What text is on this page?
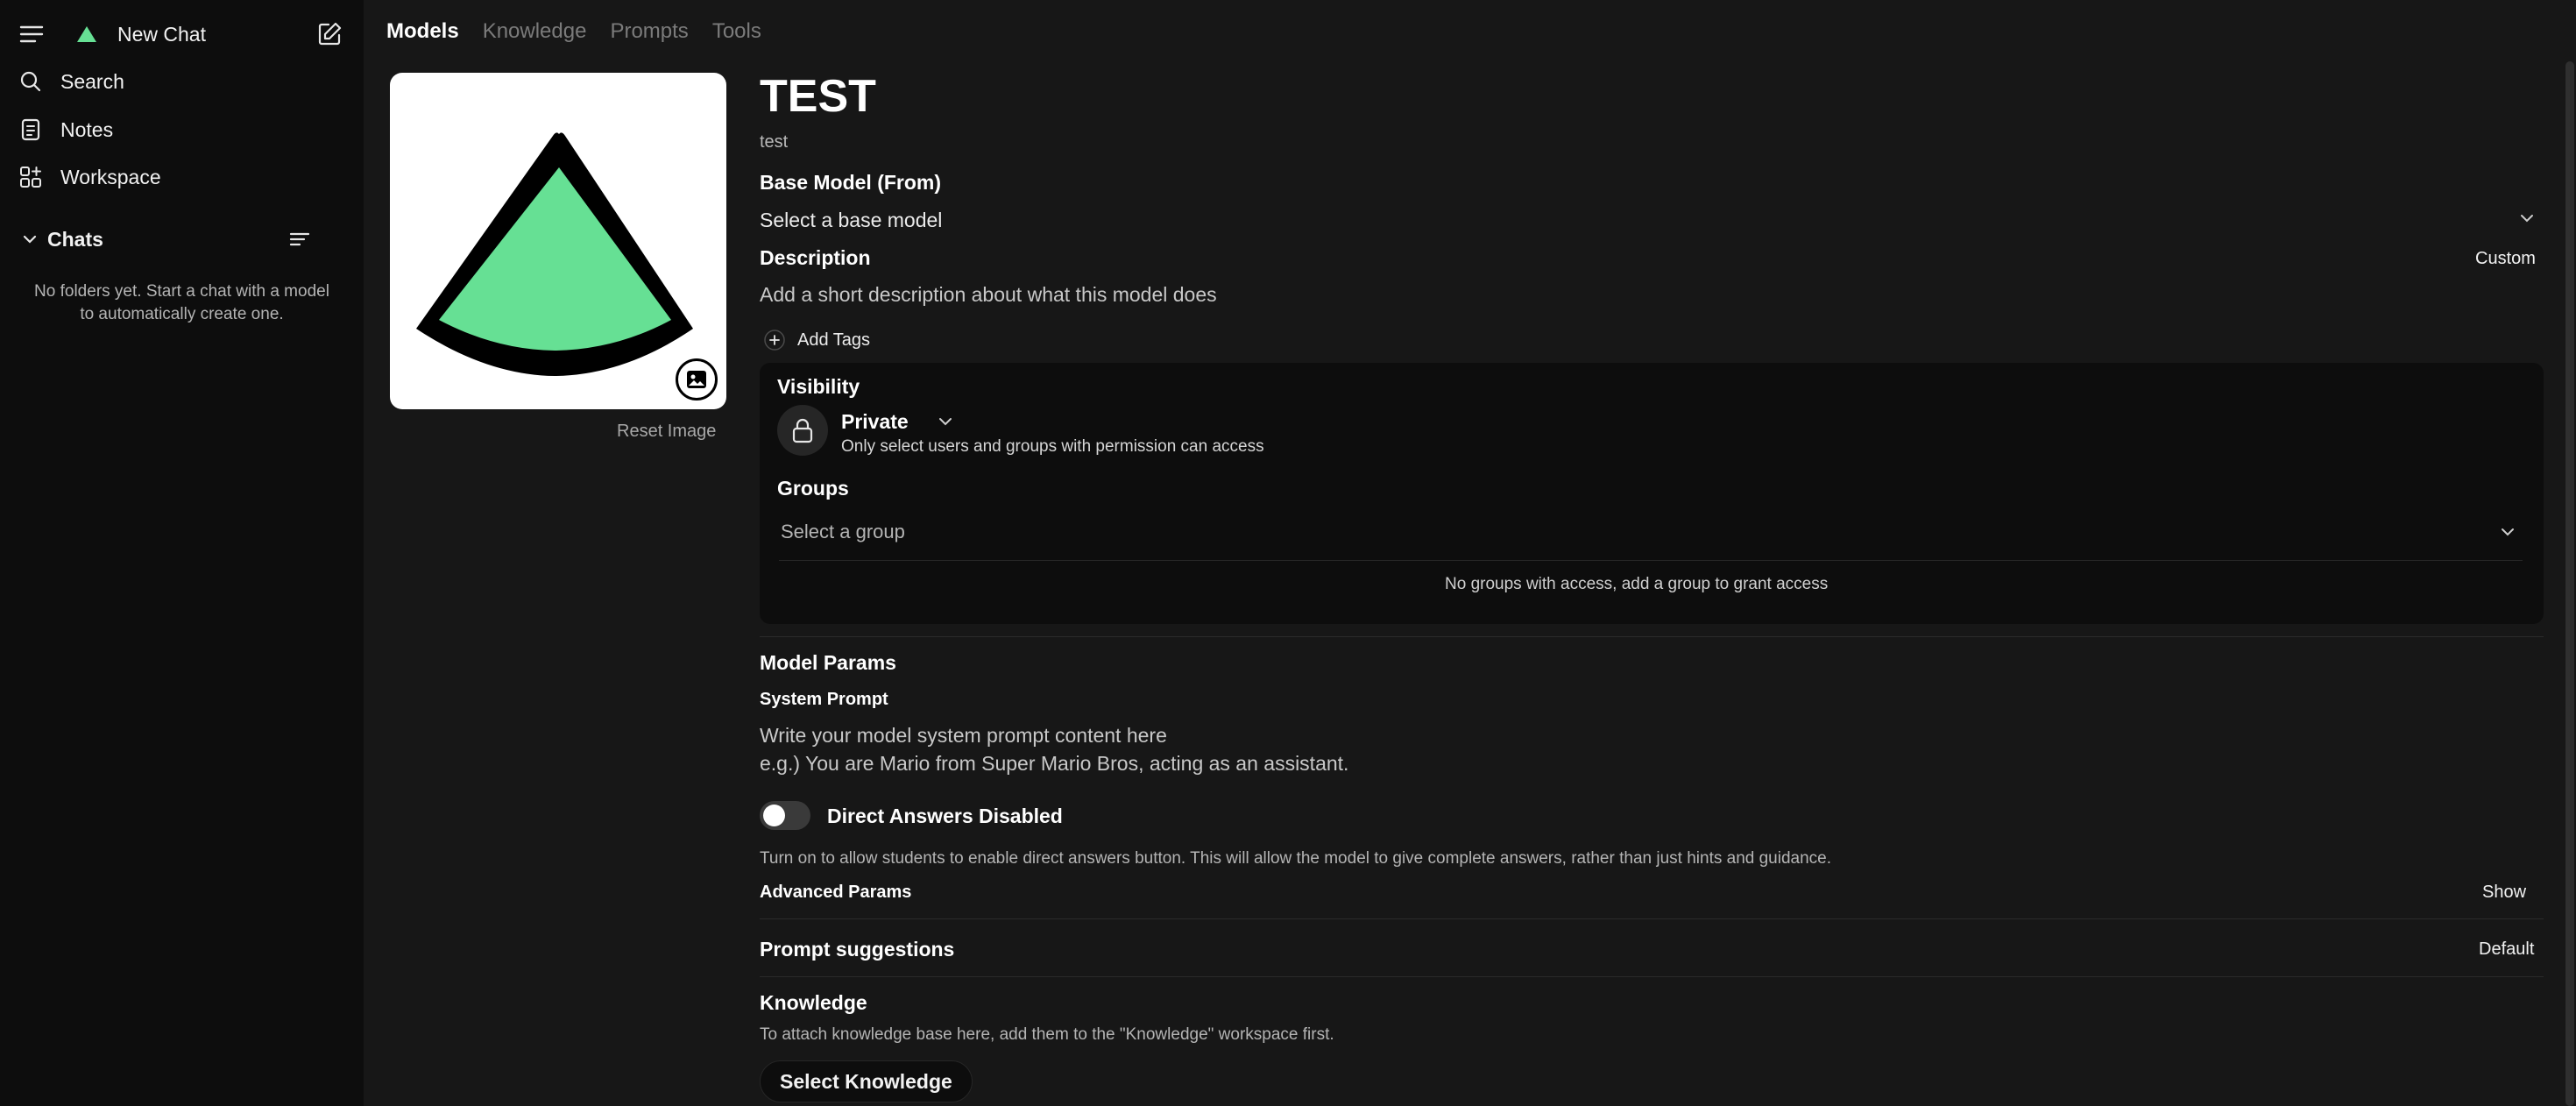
New Chat
Search
Notes
Workspace
Chats
No folders yet. Start a chat with a model to automatically create one.
Models Knowledge Prompts Tools
Reset Image
TEST
test
Base Model (From)
Select a base model
Description	Custom
Add a short description about what this model does
Add Tags
Visibility
Private
Only select users and groups with permission can access
Groups
Select a group
No groups with access, add a group to grant access
Model Params
System Prompt
Write your model system prompt content here
e.g.) You are Mario from Super Mario Bros, acting as an assistant.
Direct Answers Disabled
Turn on to allow students to enable direct answers button. This will allow the model to give complete answers, rather than just hints and guidance.
Advanced Params	Show
Prompt suggestions	Default
Knowledge
To attach knowledge base here, add them to the "Knowledge" workspace first.
Select Knowledge
